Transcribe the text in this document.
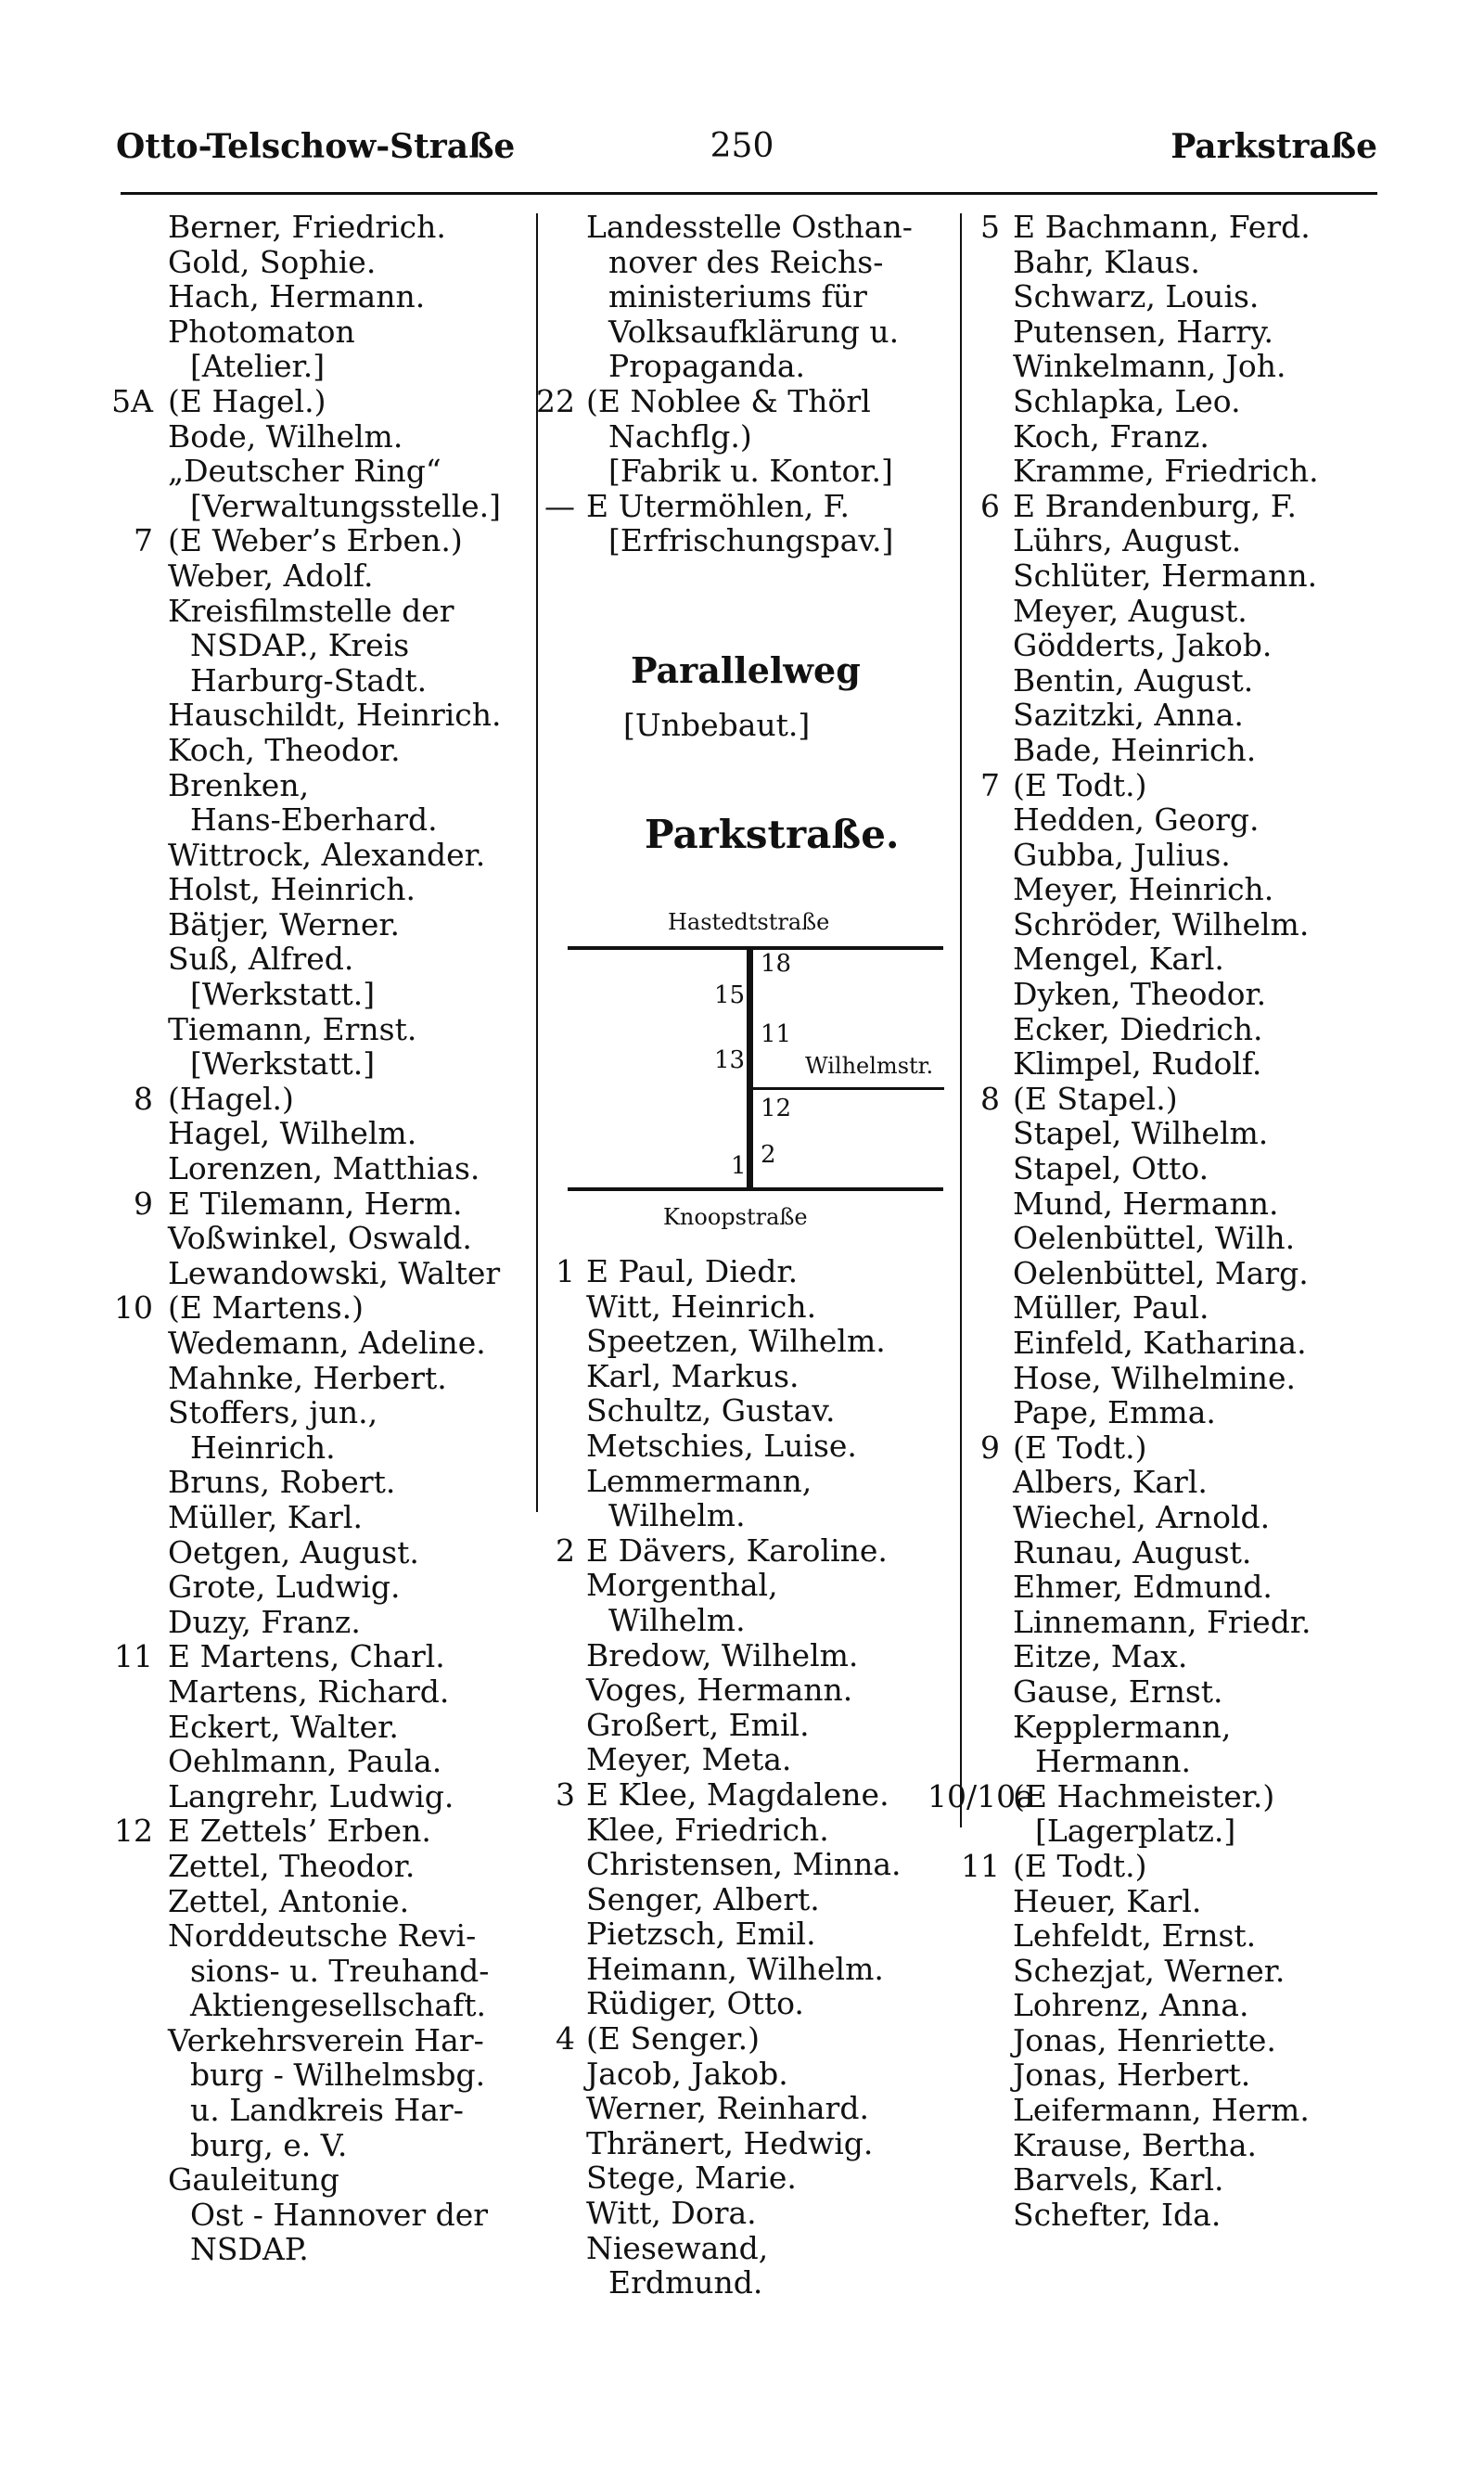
Otto-Telschow-Straße	250	Parkstraße
Berner, Friedrich.
Gold, Sophie.
Hach, Hermann.
Photomaton
[Atelier.]
5A (E Hagel.)
Bode, Wilhelm.
„Deutscher Ring“
[Verwaltungsstelle.]
7 (E Weber’s Erben.)
Weber, Adolf.
Kreisfilmstelle der
NSDAP., Kreis
Harburg-Stadt.
Hauschildt, Heinrich.
Koch, Theodor.
Brenken,
Hans-Eberhard.
Wittrock, Alexander.
Holst, Heinrich.
Bätjer, Werner.
Suß, Alfred.
[Werkstatt.]
Tiemann, Ernst.
[Werkstatt.]
8 (Hagel.)
Hagel, Wilhelm.
Lorenzen, Matthias.
9 E Tilemann, Herm.
Voßwinkel, Oswald.
Lewandowski, Walter
10 (E Martens.)
Wedemann, Adeline.
Mahnke, Herbert.
Stoffers, jun.,
Heinrich.
Bruns, Robert.
Müller, Karl.
Oetgen, August.
Grote, Ludwig.
Duzy, Franz.
11 E Martens, Charl.
Martens, Richard.
Eckert, Walter.
Oehlmann, Paula.
Langrehr, Ludwig.
12 E Zettels’ Erben.
Zettel, Theodor.
Zettel, Antonie.
Norddeutsche Revi-
sions- u. Treuhand-
Aktiengesellschaft.
Verkehrsverein Har-
burg - Wilhelmsbg.
u. Landkreis Har-
burg, e. V.
Gauleitung
Ost - Hannover der
NSDAP.
Landesstelle Osthan-
nover des Reichs-
ministeriums für
Volksaufklärung u.
Propaganda.
22 (E Noblee & Thörl
Nachflg.)
[Fabrik u. Kontor.]
— E Utermöhlen, F.
[Erfrischungspav.]
Parallelweg
[Unbebaut.]
Parkstraße.
Hastedtstraße
Wilhelmstr.
Knoopstraße
15
13
1
18
11
12
2
1 E Paul, Diedr.
Witt, Heinrich.
Speetzen, Wilhelm.
Karl, Markus.
Schultz, Gustav.
Metschies, Luise.
Lemmermann,
Wilhelm.
2 E Dävers, Karoline.
Morgenthal,
Wilhelm.
Bredow, Wilhelm.
Voges, Hermann.
Großert, Emil.
Meyer, Meta.
3 E Klee, Magdalene.
Klee, Friedrich.
Christensen, Minna.
Senger, Albert.
Pietzsch, Emil.
Heimann, Wilhelm.
Rüdiger, Otto.
4 (E Senger.)
Jacob, Jakob.
Werner, Reinhard.
Thränert, Hedwig.
Stege, Marie.
Witt, Dora.
Niesewand,
Erdmund.
5 E Bachmann, Ferd.
Bahr, Klaus.
Schwarz, Louis.
Putensen, Harry.
Winkelmann, Joh.
Schlapka, Leo.
Koch, Franz.
Kramme, Friedrich.
6 E Brandenburg, F.
Lührs, August.
Schlüter, Hermann.
Meyer, August.
Gödderts, Jakob.
Bentin, August.
Sazitzki, Anna.
Bade, Heinrich.
7 (E Todt.)
Hedden, Georg.
Gubba, Julius.
Meyer, Heinrich.
Schröder, Wilhelm.
Mengel, Karl.
Dyken, Theodor.
Ecker, Diedrich.
Klimpel, Rudolf.
8 (E Stapel.)
Stapel, Wilhelm.
Stapel, Otto.
Mund, Hermann.
Oelenbüttel, Wilh.
Oelenbüttel, Marg.
Müller, Paul.
Einfeld, Katharina.
Hose, Wilhelmine.
Pape, Emma.
9 (E Todt.)
Albers, Karl.
Wiechel, Arnold.
Runau, August.
Ehmer, Edmund.
Linnemann, Friedr.
Eitze, Max.
Gause, Ernst.
Kepplermann,
Hermann.
10/10a
(E Hachmeister.)
[Lagerplatz.]
11 (E Todt.)
Heuer, Karl.
Lehfeldt, Ernst.
Schezjat, Werner.
Lohrenz, Anna.
Jonas, Henriette.
Jonas, Herbert.
Leifermann, Herm.
Krause, Bertha.
Barvels, Karl.
Schefter, Ida.
